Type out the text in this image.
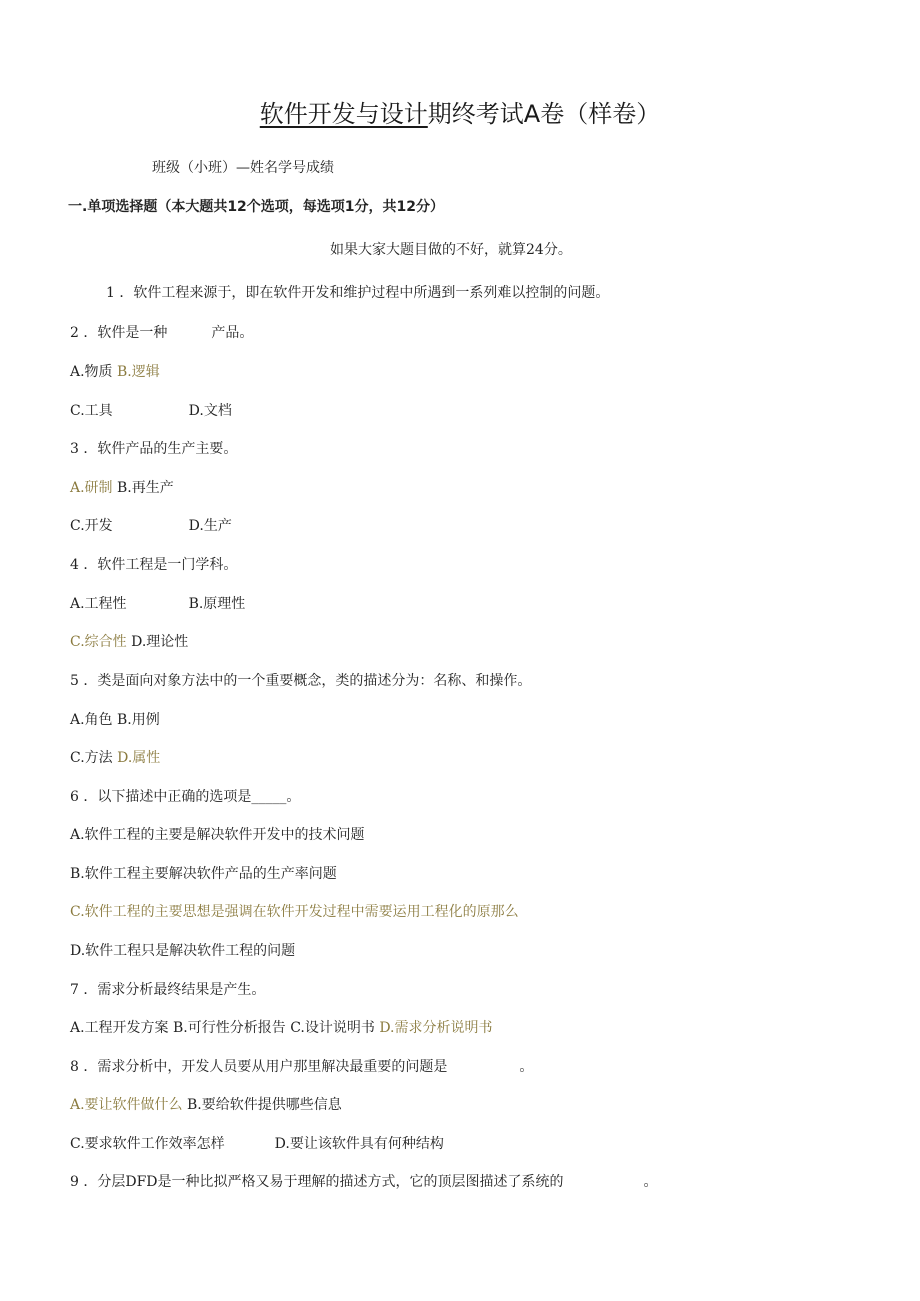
软件开发与设计期终考试A卷（样卷）
班级（小班）—姓名学号成绩
一.单项选择题（本大题共12个选项，每选项1分，共12分）
如果大家大题目做的不好，就算24分。
1 ．软件工程来源于，即在软件开发和维护过程中所遇到一系列难以控制的问题。
2 ．软件是一种	产品。
A.物质 B.逻辑
C.工具	D.文档
3 ．软件产品的生产主要。
A.研制 B.再生产
C.开发	D.生产
4 ．软件工程是一门学科。
A.工程性	B.原理性
C.综合性 D.理论性
5 ．类是面向对象方法中的一个重要概念，类的描述分为：名称、和操作。
A.角色 B.用例
C.方法 D.属性
6 ．以下描述中正确的选项是_____。
A.软件工程的主要是解决软件开发中的技术问题
B.软件工程主要解决软件产品的生产率问题
C.软件工程的主要思想是强调在软件开发过程中需要运用工程化的原那么
D.软件工程只是解决软件工程的问题
7 ．需求分析最终结果是产生。
A.工程开发方案 B.可行性分析报告 C.设计说明书 D.需求分析说明书
8 ．需求分析中，开发人员要从用户那里解决最重要的问题是	。
A.要让软件做什么 B.要给软件提供哪些信息
C.要求软件工作效率怎样	D.要让该软件具有何种结构
9 ．分层DFD是一种比拟严格又易于理解的描述方式，它的顶层图描述了系统的	。
